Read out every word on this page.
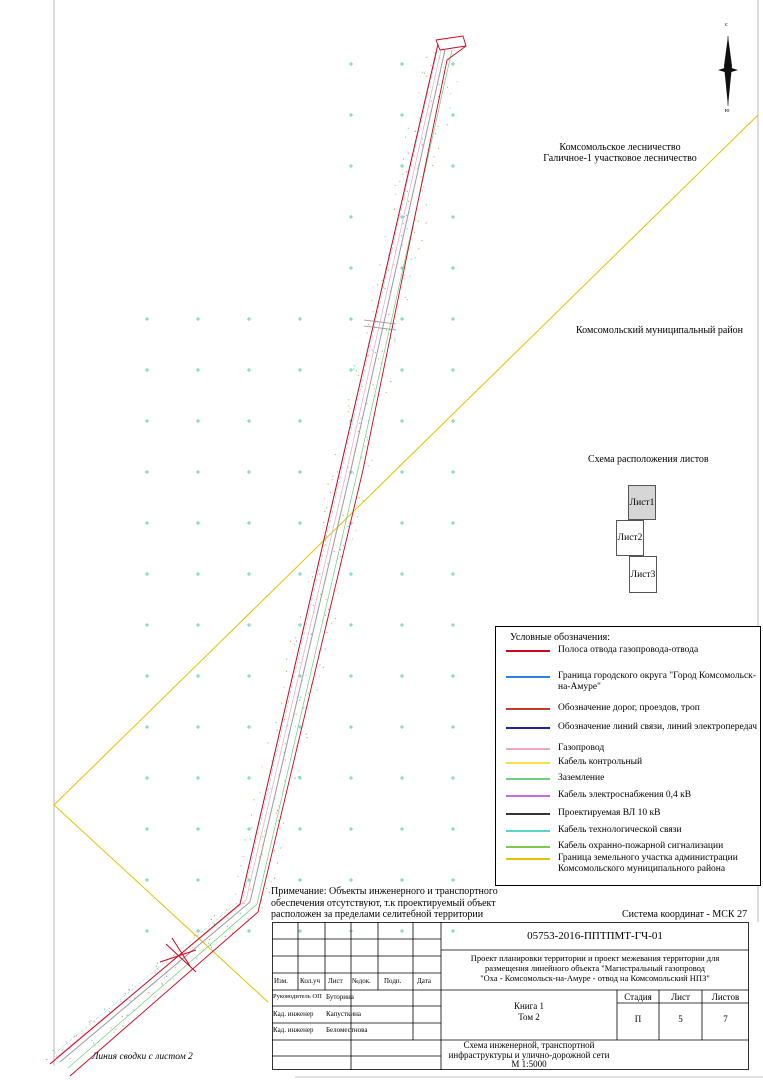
с
ю
Комсомольское лесничество
Галичное-1 участковое лесничество
Комсомольский муниципальный район
Схема расположения листов
Лист1
Лист2
Лист3
Условные обозначения:
Полоса отвода газопровода-отвода
Граница городского округа "Город Комсомольск-на-Амуре"
Обозначение дорог, проездов, троп
Обозначение линий связи, линий электропередач
Газопровод
Кабель контрольный
Заземление
Кабель электроснабжения 0,4 кВ
Проектируемая ВЛ 10 кВ
Кабель технологической связи
Кабель охранно-пожарной сигнализации
Граница земельного участка администрации Комсомольского муниципального района
Примечание: Объекты инженерного и транспортного
обеспечения отсутствуют, т.к проектируемый объект
расположен за пределами селитебной территории	Система координат - МСК 27
Линия сводки с листом 2
05753-2016-ППТПМТ-ГЧ-01
Проект планировки территории и проект межевания территории для
размещения линейного объекта "Магистральный газопровод
"Оха - Комсомольск-на-Амуре - отвод на Комсомольский НПЗ"
Изм. Кол.уч Лист №док. Подп. Дата
Руководитель ОП Буторина
Кад. инженер Капусткина
Кад. инженер Беломестнова
Книга 1
Том 2
Стадия	Лист	Листов
П	5	7
Схема инженерной, транспортной
инфраструктуры и улично-дорожной сети
М 1:5000
